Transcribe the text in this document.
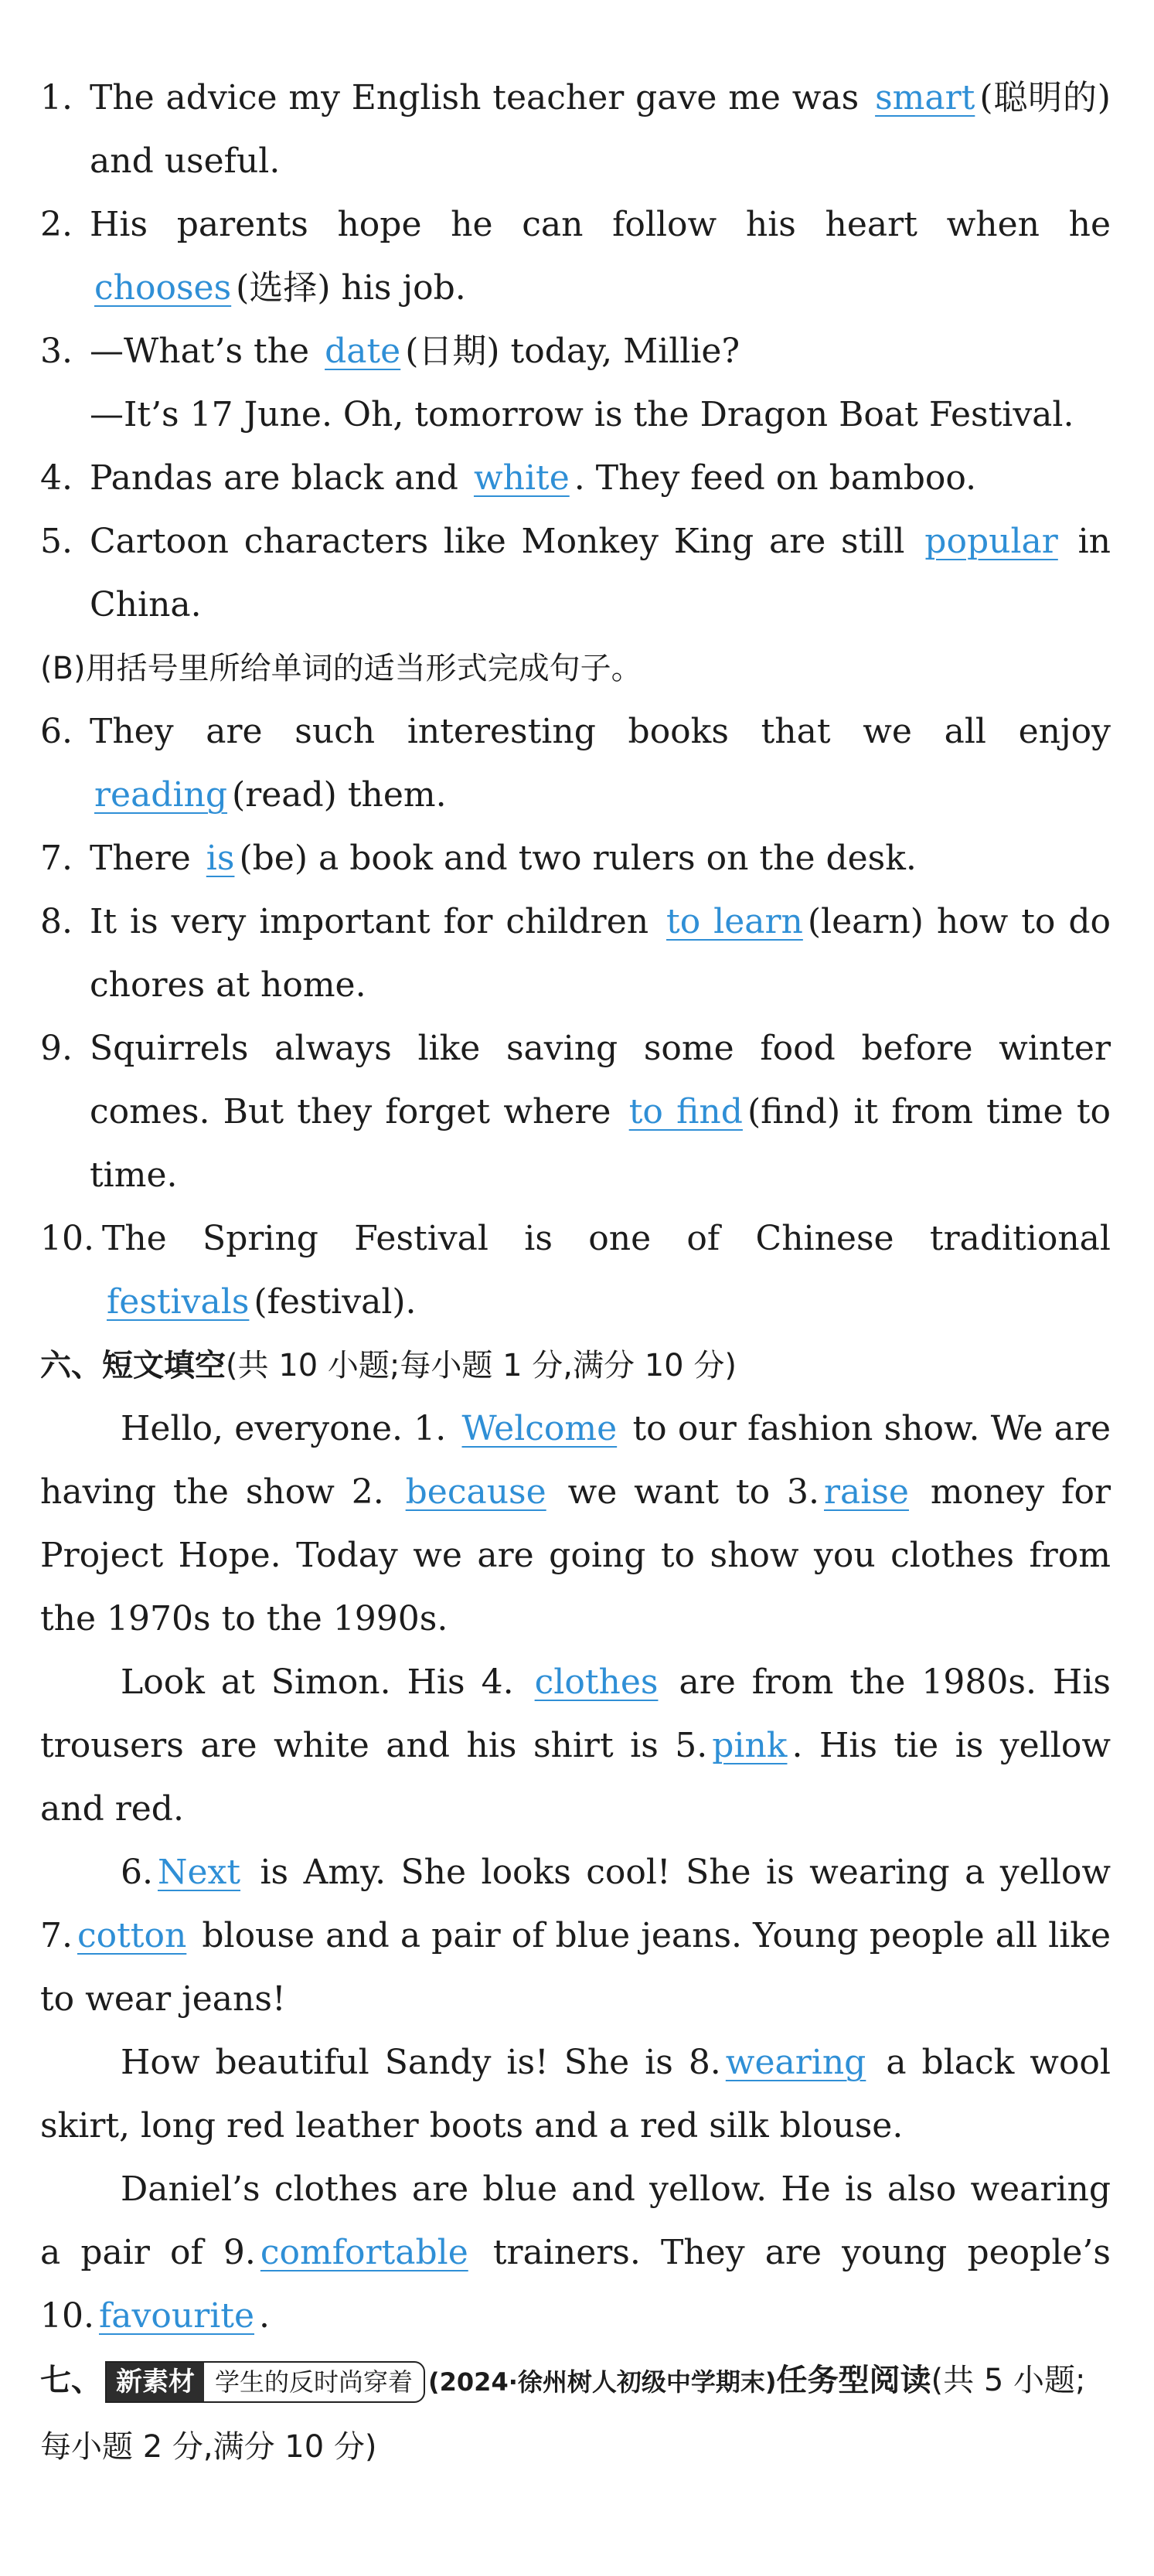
1. The advice my English teacher gave me was smart (聪明的) and useful.
2. His parents hope he can follow his heart when he chooses (选择) his job.
3. —What’s the date (日期) today, Millie?
—It’s 17 June. Oh, tomorrow is the Dragon Boat Festival.
4. Pandas are black and white . They feed on bamboo.
5. Cartoon characters like Monkey King are still popular in China.
(B)用括号里所给单词的适当形式完成句子。
6. They are such interesting books that we all enjoy reading (read) them.
7. There is (be) a book and two rulers on the desk.
8. It is very important for children to learn (learn) how to do chores at home.
9. Squirrels always like saving some food before winter comes. But they forget where to find (find) it from time to time.
10. The Spring Festival is one of Chinese traditional festivals (festival).
六、短文填空(共 10 小题;每小题 1 分,满分 10 分)
Hello, everyone. 1. Welcome to our fashion show. We are having the show 2. because we want to 3. raise money for Project Hope. Today we are going to show you clothes from the 1970s to the 1990s.
Look at Simon. His 4. clothes are from the 1980s. His trousers are white and his shirt is 5. pink . His tie is yellow and red.
6. Next is Amy. She looks cool! She is wearing a yellow 7. cotton blouse and a pair of blue jeans. Young people all like to wear jeans!
How beautiful Sandy is! She is 8. wearing a black wool skirt, long red leather boots and a red silk blouse.
Daniel’s clothes are blue and yellow. He is also wearing a pair of 9. comfortable trainers. They are young people’s 10. favourite .
七、 新素材 学生的反时尚穿着 (2024·徐州树人初级中学期末)任务型阅读(共 5 小题;每小题 2 分,满分 10 分)
